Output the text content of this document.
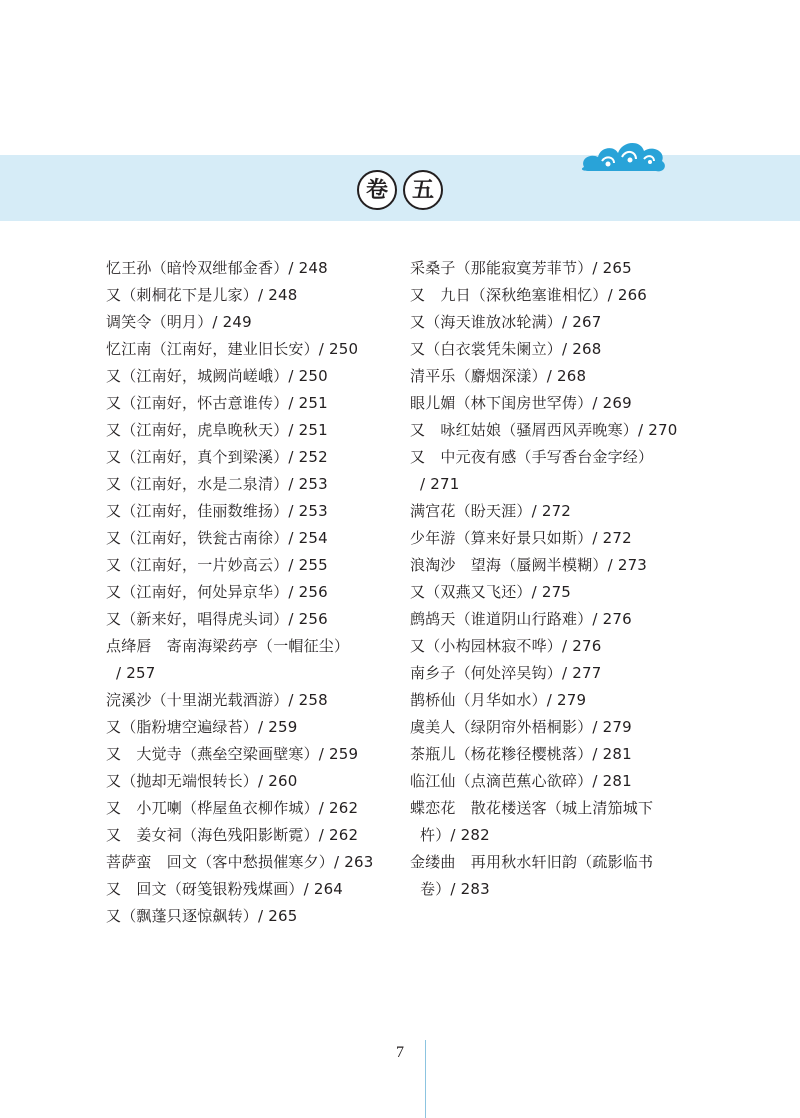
卷	五
忆王孙（暗怜双绁郁金香）/ 248
又（刺桐花下是儿家）/ 248
调笑令（明月）/ 249
忆江南（江南好，建业旧长安）/ 250
又（江南好，城阙尚嵯峨）/ 250
又（江南好，怀古意谁传）/ 251
又（江南好，虎阜晚秋天）/ 251
又（江南好，真个到梁溪）/ 252
又（江南好，水是二泉清）/ 253
又（江南好，佳丽数维扬）/ 253
又（江南好，铁瓮古南徐）/ 254
又（江南好，一片妙高云）/ 255
又（江南好，何处异京华）/ 256
又（新来好，唱得虎头词）/ 256
点绛唇　寄南海梁药亭（一帽征尘）
/ 257
浣溪沙（十里湖光载酒游）/ 258
又（脂粉塘空遍绿苔）/ 259
又　大觉寺（燕垒空梁画壁寒）/ 259
又（抛却无端恨转长）/ 260
又　小兀喇（桦屋鱼衣柳作城）/ 262
又　姜女祠（海色残阳影断霓）/ 262
菩萨蛮　回文（客中愁损催寒夕）/ 263
又　回文（砑笺银粉残煤画）/ 264
又（飘蓬只逐惊飙转）/ 265
采桑子（那能寂寞芳菲节）/ 265
又　九日（深秋绝塞谁相忆）/ 266
又（海天谁放冰轮满）/ 267
又（白衣裳凭朱阑立）/ 268
清平乐（麝烟深漾）/ 268
眼儿媚（林下闺房世罕俦）/ 269
又　咏红姑娘（骚屑西风弄晚寒）/ 270
又　中元夜有感（手写香台金字经）
/ 271
满宫花（盼天涯）/ 272
少年游（算来好景只如斯）/ 272
浪淘沙　望海（蜃阙半模糊）/ 273
又（双燕又飞还）/ 275
鹧鸪天（谁道阴山行路难）/ 276
又（小构园林寂不哗）/ 276
南乡子（何处淬吴钩）/ 277
鹊桥仙（月华如水）/ 279
虞美人（绿阴帘外梧桐影）/ 279
茶瓶儿（杨花糁径樱桃落）/ 281
临江仙（点滴芭蕉心欲碎）/ 281
蝶恋花　散花楼送客（城上清笳城下
杵）/ 282
金缕曲　再用秋水轩旧韵（疏影临书
卷）/ 283
7
